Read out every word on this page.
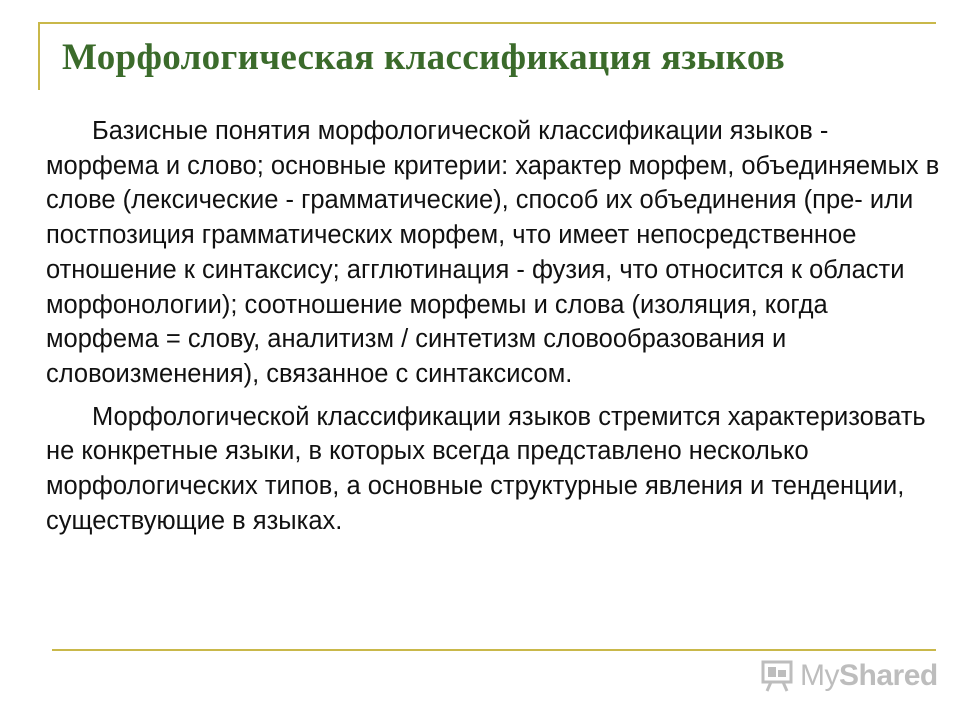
Морфологическая классификация языков

Базисные понятия морфологической классификации языков - морфема и слово; основные критерии: характер морфем, объединяемых в слове (лексические - грамматические), способ их объединения (пре- или постпозиция грамматических морфем, что имеет непосредственное отношение к синтаксису; агглютинация - фузия, что относится к области морфонологии); соотношение морфемы и слова (изоляция, когда морфема = слову, аналитизм / синтетизм словообразования и словоизменения), связанное с синтаксисом.

Морфологической классификации языков стремится характеризовать не конкретные языки, в которых всегда представлено несколько морфологических типов, а основные структурные явления и тенденции, существующие в языках.

MyShared
